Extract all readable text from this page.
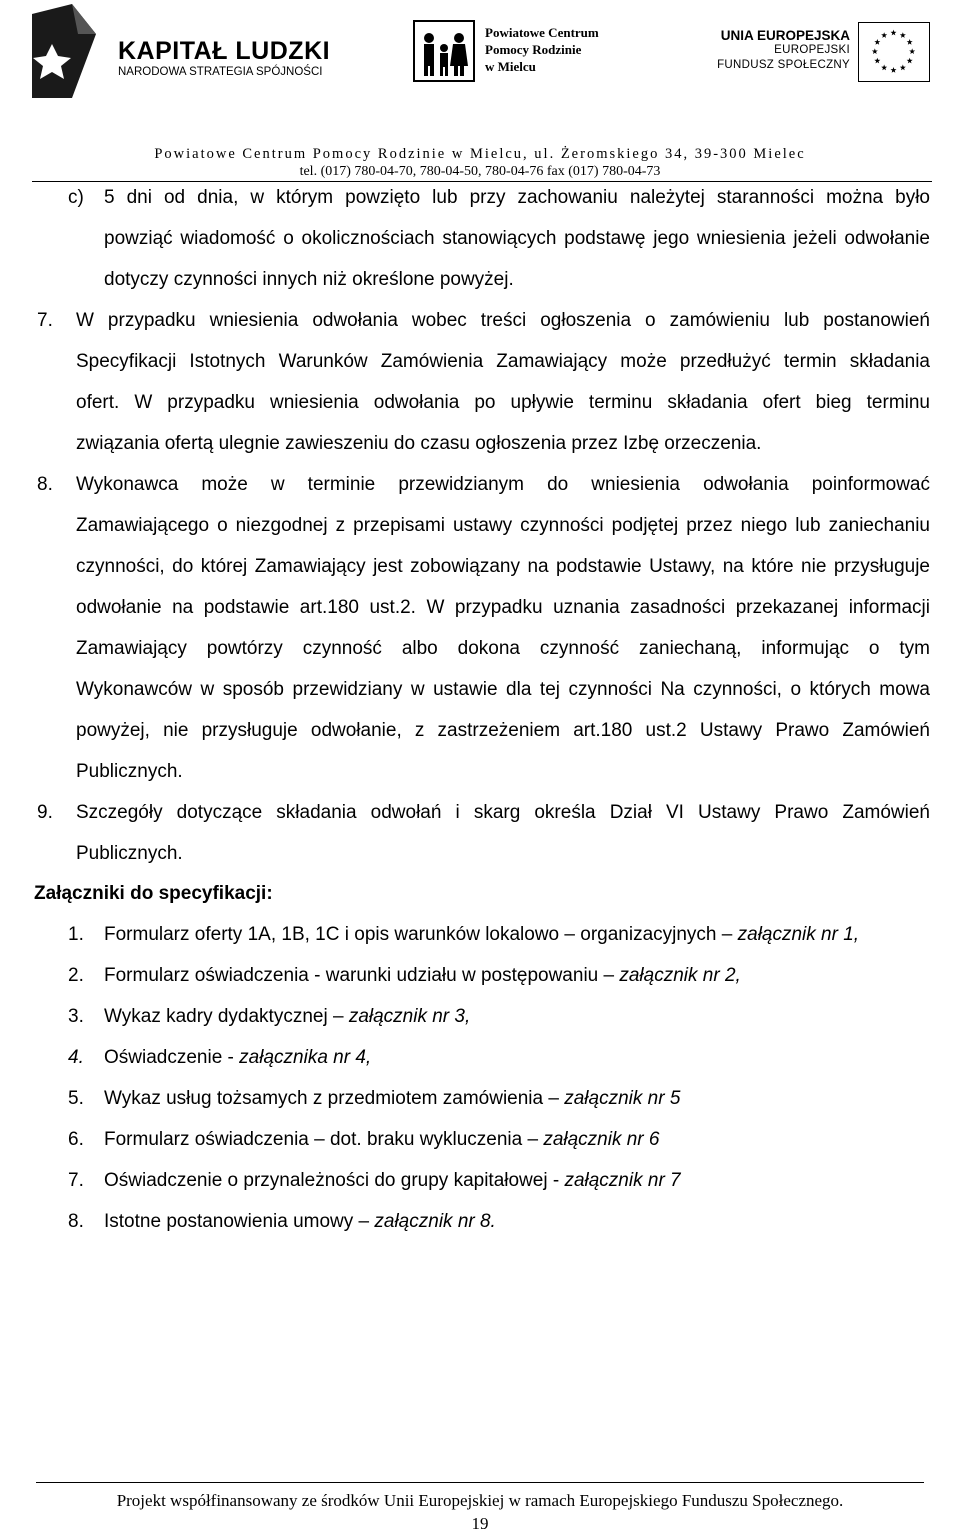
KAPITAŁ LUDZKI
NARODOWA STRATEGIA SPÓJNOŚCI
Powiatowe Centrum
Pomocy Rodzinie
w Mielcu
UNIA EUROPEJSKA
EUROPEJSKI
FUNDUSZ SPOŁECZNY
Powiatowe Centrum Pomocy Rodzinie w Mielcu, ul. Żeromskiego 34, 39-300 Mielec
tel. (017) 780-04-70, 780-04-50, 780-04-76 fax (017) 780-04-73
c) 5 dni od dnia, w którym powzięto lub przy zachowaniu należytej staranności można było
powziąć wiadomość o okolicznościach stanowiących podstawę jego wniesienia jeżeli odwołanie
dotyczy czynności innych niż określone powyżej.
7. W przypadku wniesienia odwołania wobec treści ogłoszenia o zamówieniu lub postanowień
Specyfikacji Istotnych Warunków Zamówienia Zamawiający może przedłużyć termin składania
ofert. W przypadku wniesienia odwołania po upływie terminu składania ofert bieg terminu
związania ofertą ulegnie zawieszeniu do czasu ogłoszenia przez Izbę orzeczenia.
8. Wykonawca może w terminie przewidzianym do wniesienia odwołania poinformować
Zamawiającego o niezgodnej z przepisami ustawy czynności podjętej przez niego lub zaniechaniu
czynności, do której Zamawiający jest zobowiązany na podstawie Ustawy, na które nie przysługuje
odwołanie na podstawie art.180 ust.2. W przypadku uznania zasadności przekazanej informacji
Zamawiający powtórzy czynność albo dokona czynność zaniechaną, informując o tym
Wykonawców w sposób przewidziany w ustawie dla tej czynności Na czynności, o których mowa
powyżej, nie przysługuje odwołanie, z zastrzeżeniem art.180 ust.2 Ustawy Prawo Zamówień
Publicznych.
9. Szczegóły dotyczące składania odwołań i skarg określa Dział VI Ustawy Prawo Zamówień
Publicznych.
Załączniki do specyfikacji:
1. Formularz oferty 1A, 1B, 1C i opis warunków lokalowo – organizacyjnych – załącznik nr 1,
2. Formularz oświadczenia - warunki udziału w postępowaniu – załącznik nr 2,
3. Wykaz kadry dydaktycznej – załącznik nr 3,
4. Oświadczenie - załącznika nr 4,
5. Wykaz usług tożsamych z przedmiotem zamówienia – załącznik nr 5
6. Formularz oświadczenia – dot. braku wykluczenia – załącznik nr 6
7. Oświadczenie o przynależności do grupy kapitałowej - załącznik nr 7
8. Istotne postanowienia umowy – załącznik nr 8.
Projekt współfinansowany ze środków Unii Europejskiej w ramach Europejskiego Funduszu Społecznego.
19
